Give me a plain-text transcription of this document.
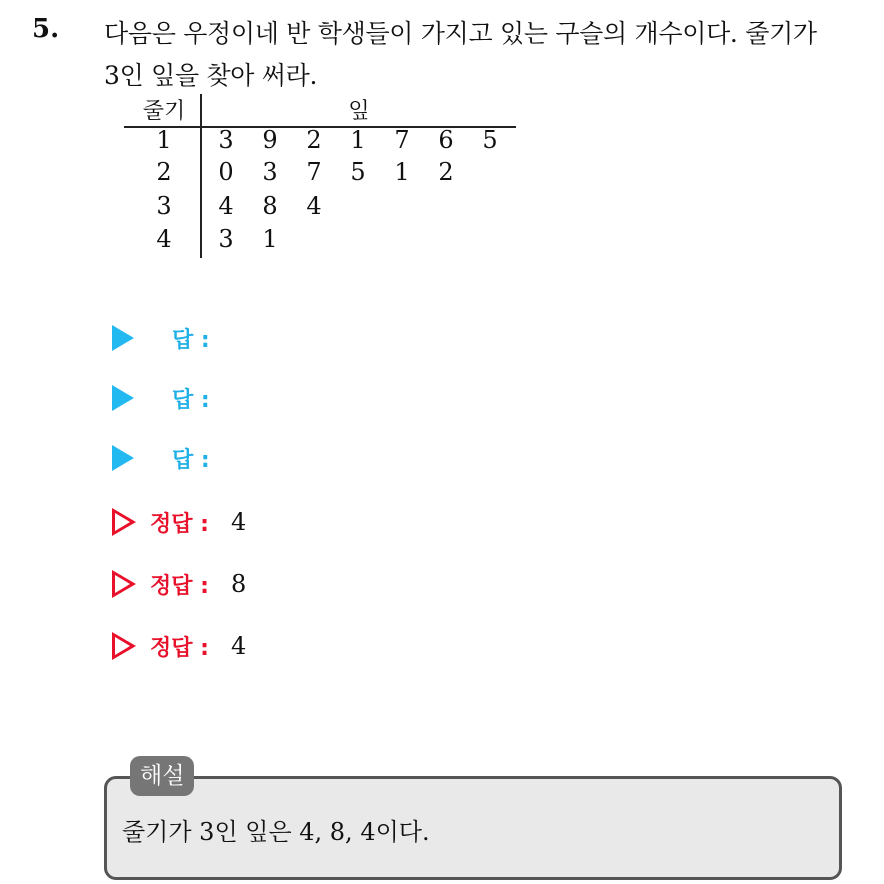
5. 다음은 우정이네 반 학생들이 가지고 있는 구슬의 개수이다. 줄기가
3인 잎을 찾아 써라.
줄기	잎
1	3 9 2 1 7 6 5
2	0 3 7 5 1 2
3	4 8 4
4	3 1
답 :
답 :
답 :
정답 : 4
정답 : 8
정답 : 4
해설
줄기가 3인 잎은 4, 8, 4이다.
